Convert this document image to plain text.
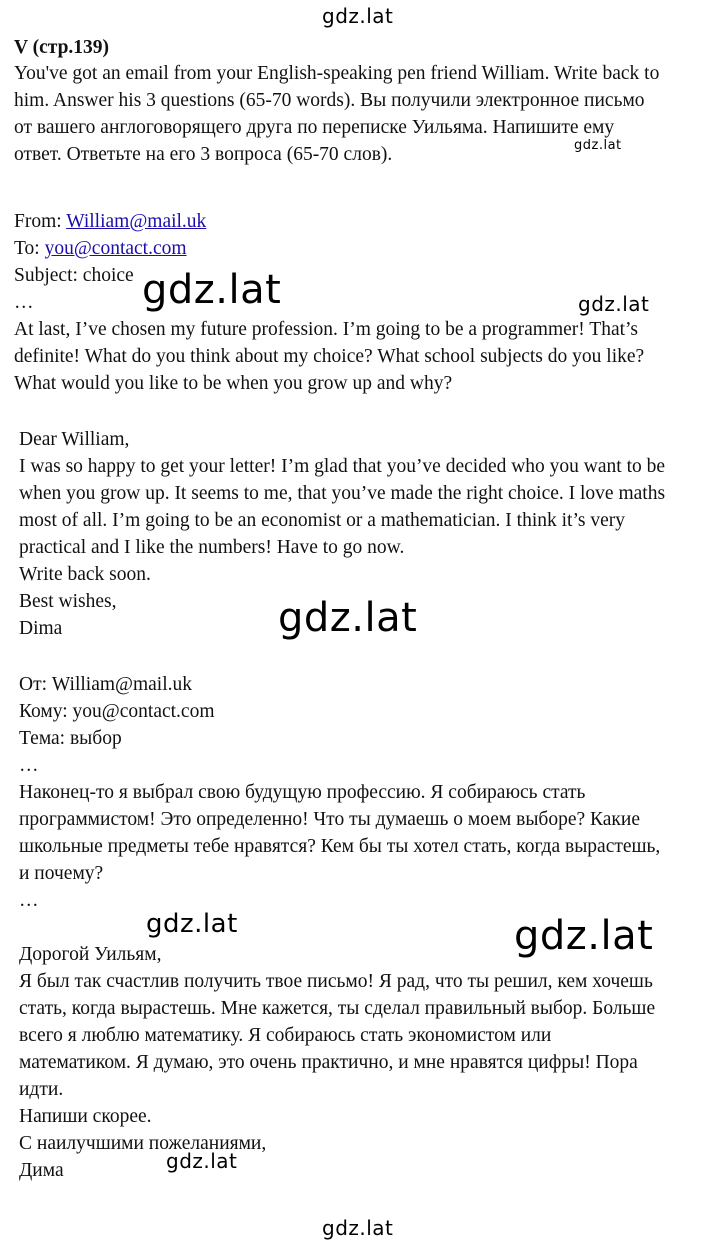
gdz.lat
gdz.lat
gdz.lat	gdz.lat
gdz.lat
gdz.lat	gdz.lat
gdz.lat
gdz.lat
V (стр.139)
You've got an email from your English-speaking pen friend William. Write back to
him. Answer his 3 questions (65-70 words). Вы получили электронное письмо
от вашего англоговорящего друга по переписке Уильяма. Напишите ему
ответ. Ответьте на его 3 вопроса (65-70 слов).
From: William@mail.uk
To: you@contact.com
Subject: choice
…
At last, I’ve chosen my future profession. I’m going to be a programmer! That’s
definite! What do you think about my choice? What school subjects do you like?
What would you like to be when you grow up and why?
Dear William,
I was so happy to get your letter! I’m glad that you’ve decided who you want to be
when you grow up. It seems to me, that you’ve made the right choice. I love maths
most of all. I’m going to be an economist or a mathematician. I think it’s very
practical and I like the numbers! Have to go now.
Write back soon.
Best wishes,
Dima
От: William@mail.uk
Кому: you@contact.com
Тема: выбор
…
Наконец-то я выбрал свою будущую профессию. Я собираюсь стать
программистом! Это определенно! Что ты думаешь о моем выборе? Какие
школьные предметы тебе нравятся? Кем бы ты хотел стать, когда вырастешь,
и почему?
…
Дорогой Уильям,
Я был так счастлив получить твое письмо! Я рад, что ты решил, кем хочешь
стать, когда вырастешь. Мне кажется, ты сделал правильный выбор. Больше
всего я люблю математику. Я собираюсь стать экономистом или
математиком. Я думаю, это очень практично, и мне нравятся цифры! Пора
идти.
Напиши скорее.
С наилучшими пожеланиями,
Дима
